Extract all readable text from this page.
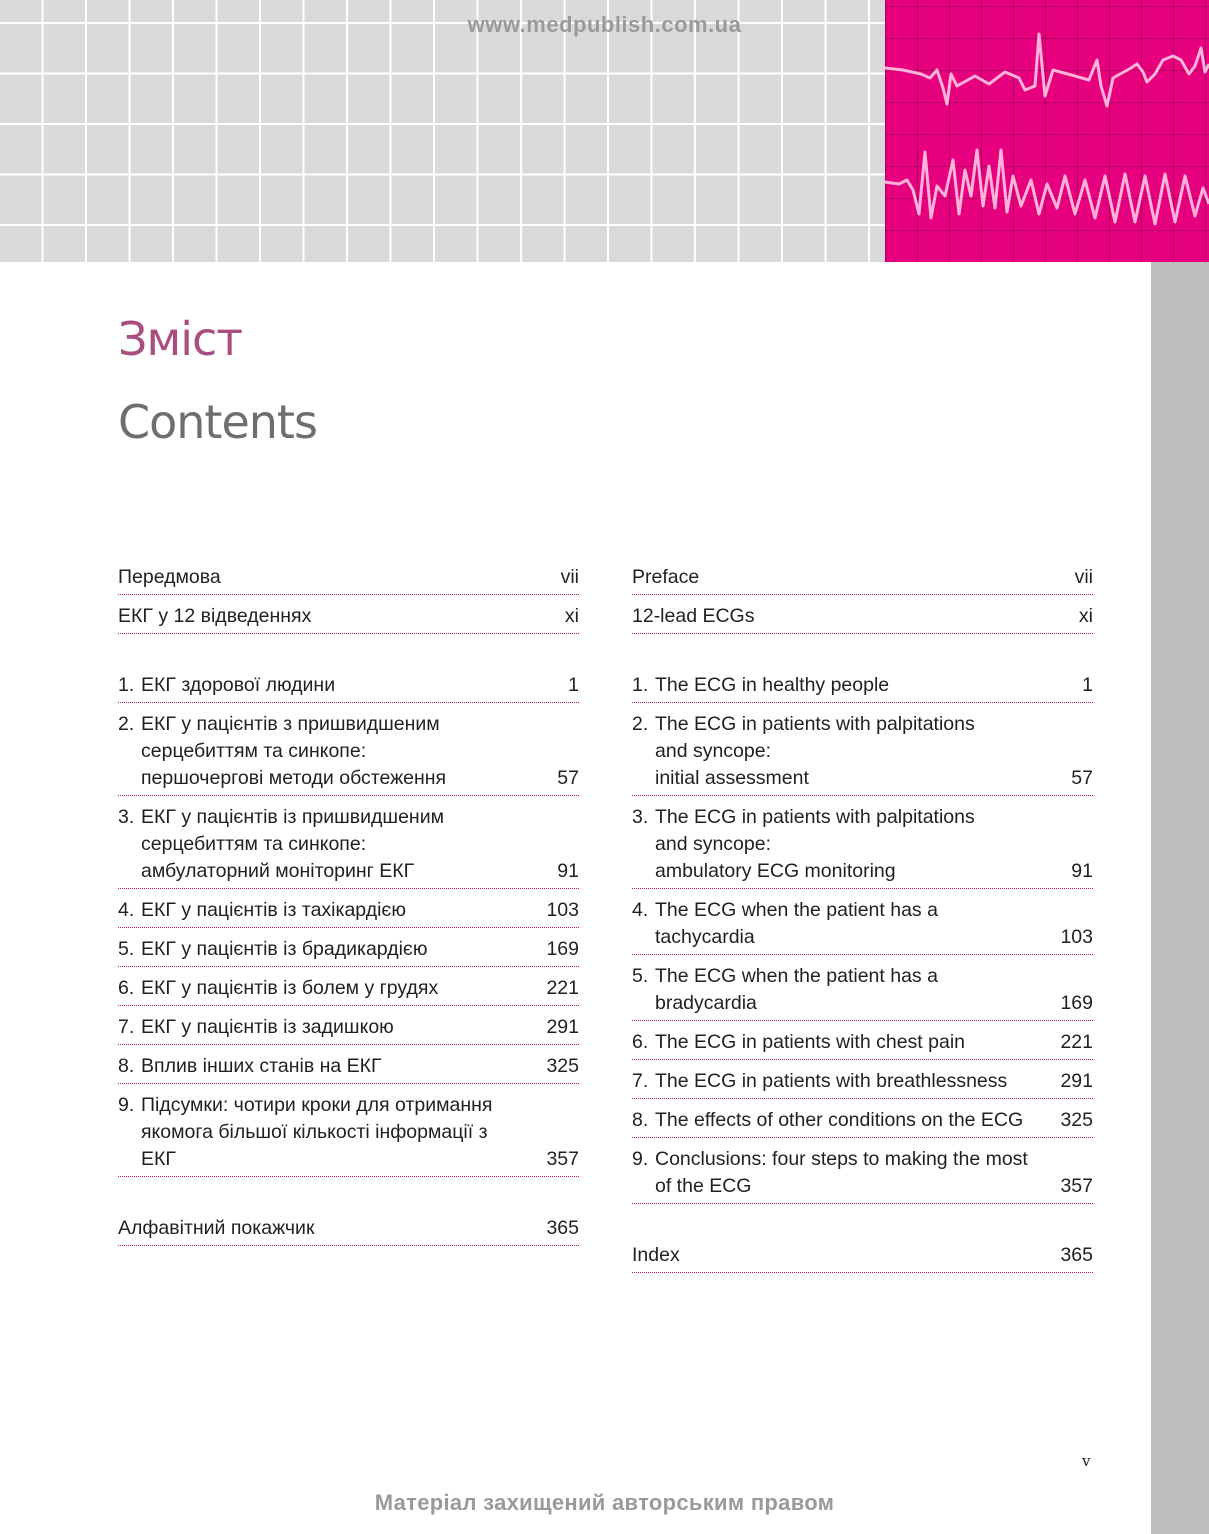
www.medpublish.com.ua
Зміст
Contents
Передмова	vii
ЕКГ у 12 відведеннях	xi
1. ЕКГ здорової людини	1
2. ЕКГ у пацієнтів з пришвидшеним
серцебиттям та синкопе:
першочергові методи обстеження	57
3. ЕКГ у пацієнтів із пришвидшеним
серцебиттям та синкопе:
амбулаторний моніторинг ЕКГ	91
4. ЕКГ у пацієнтів із тахікардією	103
5. ЕКГ у пацієнтів із брадикардією	169
6. ЕКГ у пацієнтів із болем у грудях	221
7. ЕКГ у пацієнтів із задишкою	291
8. Вплив інших станів на ЕКГ	325
9. Підсумки: чотири кроки для отримання
якомога більшої кількості інформації з ЕКГ	357
Алфавітний покажчик	365
Preface	vii
12-lead ECGs	xi
1. The ECG in healthy people	1
2. The ECG in patients with palpitations
and syncope:
initial assessment	57
3. The ECG in patients with palpitations
and syncope:
ambulatory ECG monitoring	91
4. The ECG when the patient has a tachycardia	103
5. The ECG when the patient has a bradycardia	169
6. The ECG in patients with chest pain	221
7. The ECG in patients with breathlessness	291
8. The effects of other conditions on the ECG	325
9. Conclusions: four steps to making the most
of the ECG	357
Index	365
v
Матеріал захищений авторським правом
